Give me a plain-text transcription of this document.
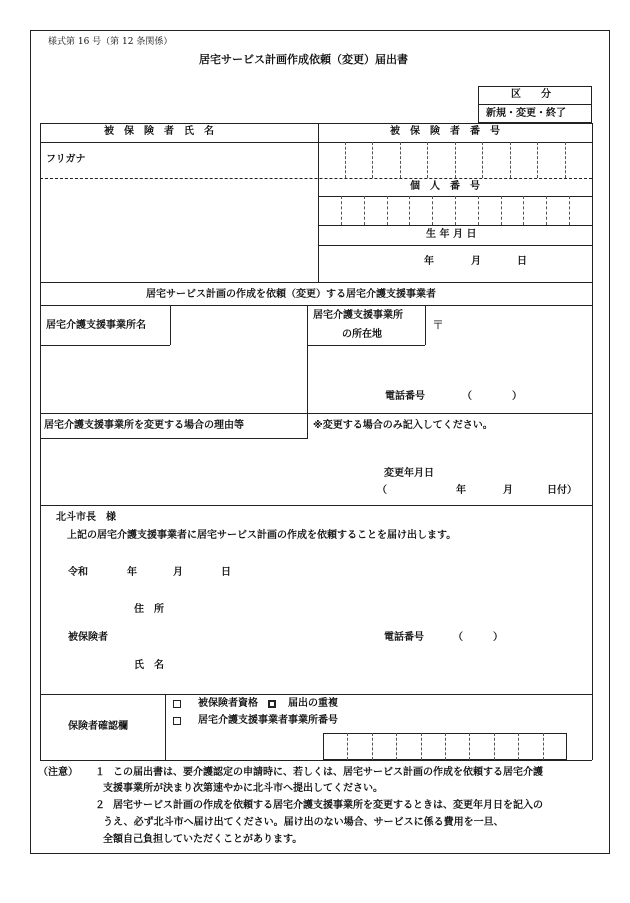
様式第 16 号（第 12 条関係）
居宅サービス計画作成依頼（変更）届出書
区　　分
新規・変更・終了
被　保　険　者　氏　名	被　保　険　者　番　号
フリガナ
個　人　番　号
生 年 月 日
年	月	日
居宅サービス計画の作成を依頼（変更）する居宅介護支援事業者
居宅介護支援事業所名
居宅介護支援事業所
の所在地
〒
電話番号	（　　　　）
居宅介護支援事業所を変更する場合の理由等	※変更する場合のみ記入してください。
変更年月日
（	年	月	日付）
北斗市長　様
上記の居宅介護支援事業者に居宅サービス計画の作成を依頼することを届け出します。
令和	年	月	日
住　所
被保険者	電話番号	（　　　）
氏　名
保険者確認欄
被保険者資格	届出の重複
居宅介護支援事業者事業所番号
（注意） １ この届出書は、要介護認定の申請時に、若しくは、居宅サービス計画の作成を依頼する居宅介護
支援事業所が決まり次第速やかに北斗市へ提出してください。
２ 居宅サービス計画の作成を依頼する居宅介護支援事業所を変更するときは、変更年月日を記入の
うえ、必ず北斗市へ届け出てください。届け出のない場合、サービスに係る費用を一旦、
全額自己負担していただくことがあります。
